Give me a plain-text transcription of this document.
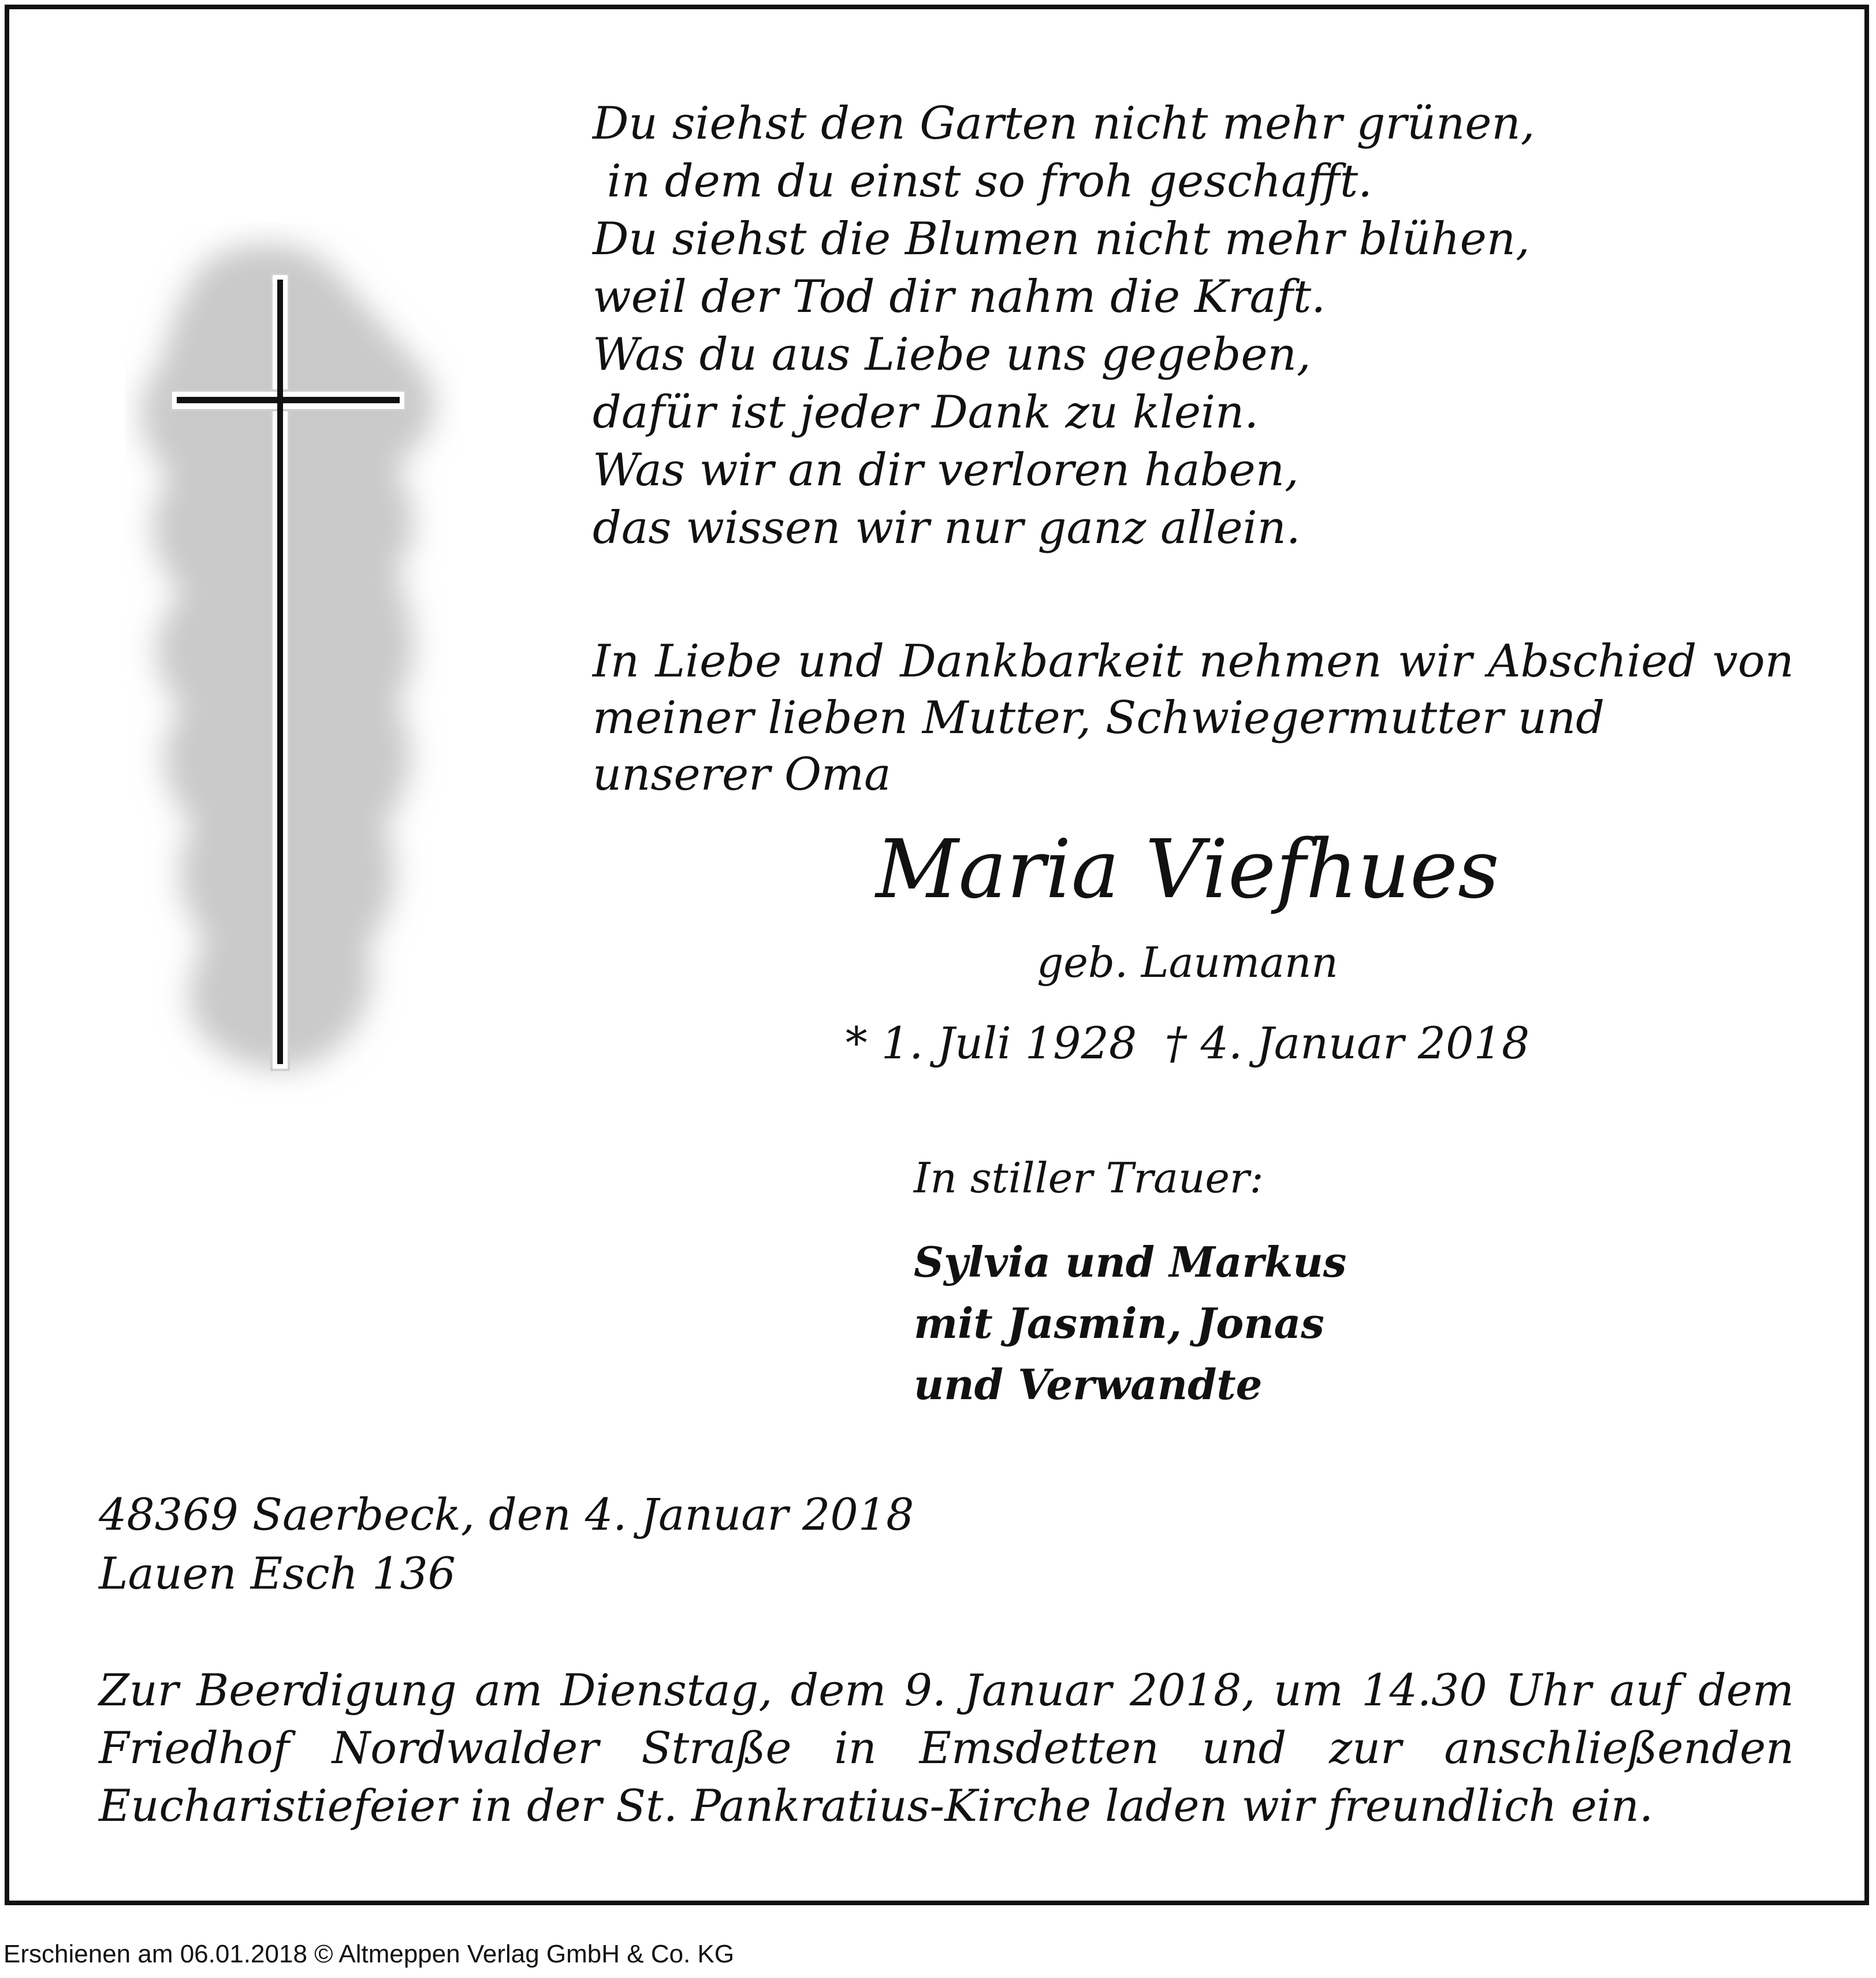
Du siehst den Garten nicht mehr grünen,
in dem du einst so froh geschafft.
Du siehst die Blumen nicht mehr blühen,
weil der Tod dir nahm die Kraft.
Was du aus Liebe uns gegeben,
dafür ist jeder Dank zu klein.
Was wir an dir verloren haben,
das wissen wir nur ganz allein.
In Liebe und Dankbarkeit nehmen wir Abschied von
meiner lieben Mutter, Schwiegermutter und unserer Oma
Maria Viefhues
geb. Laumann
* 1. Juli 1928  † 4. Januar 2018
In stiller Trauer:
Sylvia und Markus
mit Jasmin, Jonas
und Verwandte
48369 Saerbeck, den 4. Januar 2018
Lauen Esch 136
Zur Beerdigung am Dienstag, dem 9. Januar 2018, um 14.30 Uhr auf dem
Friedhof Nordwalder Straße in Emsdetten und zur anschließenden
Eucharistiefeier in der St. Pankratius-Kirche laden wir freundlich ein.
Erschienen am 06.01.2018 © Altmeppen Verlag GmbH & Co. KG
